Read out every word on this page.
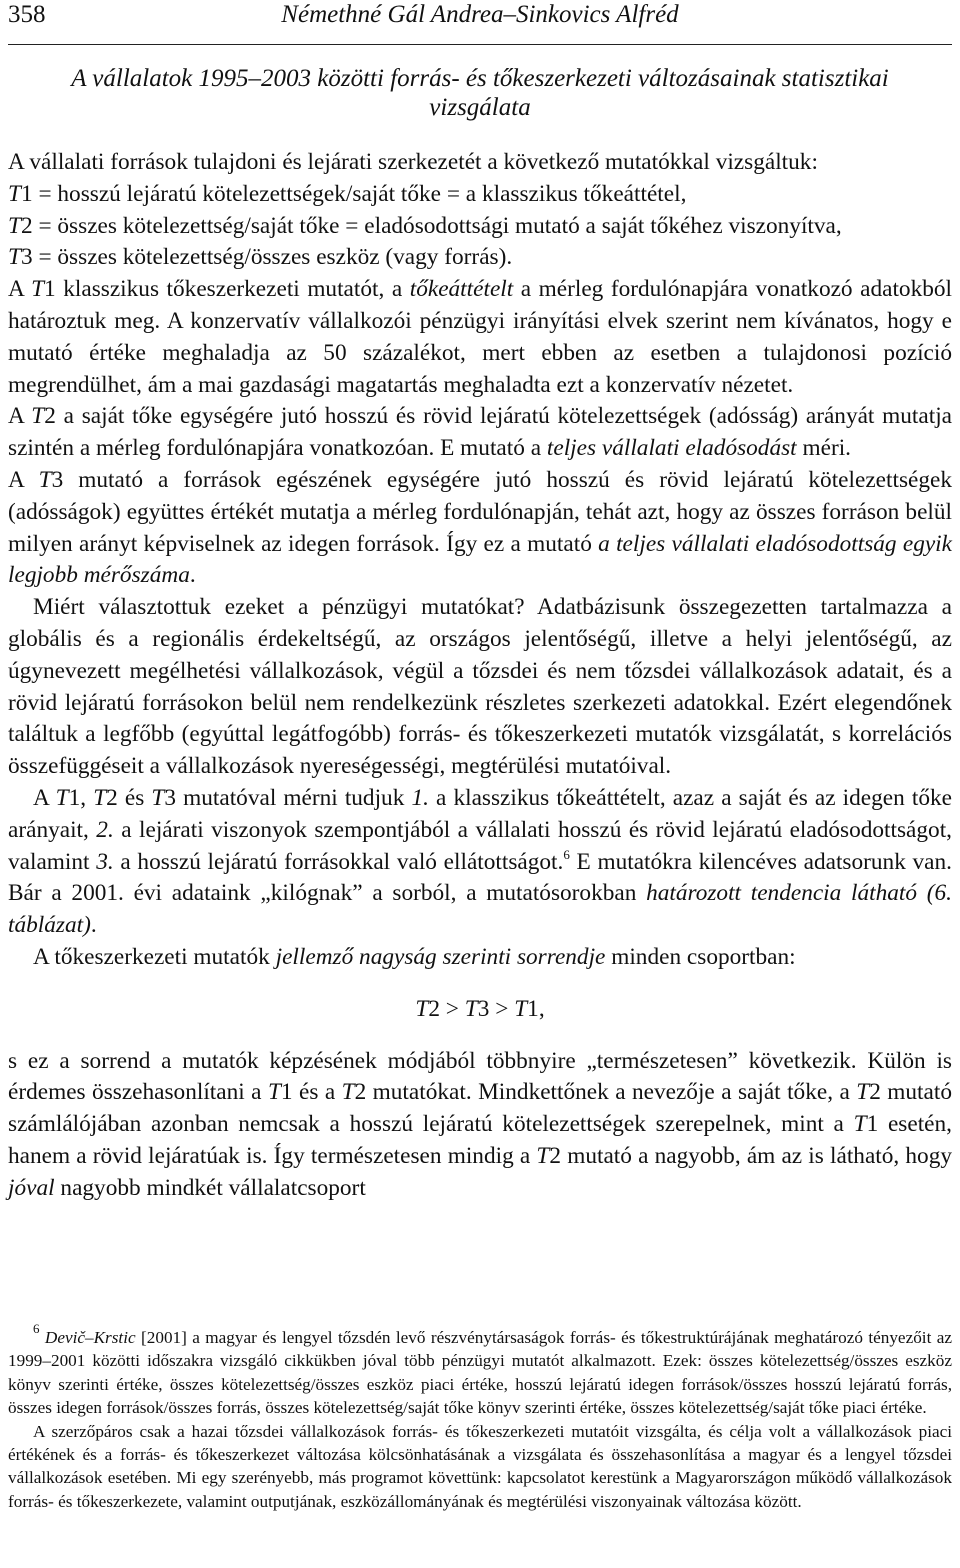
358	Némethné Gál Andrea–Sinkovics Alfréd
A vállalatok 1995–2003 közötti forrás- és tőkeszerkezeti változásainak statisztikai vizsgálata

A vállalati források tulajdoni és lejárati szerkezetét a következő mutatókkal vizsgáltuk:

T1 = hosszú lejáratú kötelezettségek/saját tőke = a klasszikus tőkeáttétel,

T2 = összes kötelezettség/saját tőke = eladósodottsági mutató a saját tőkéhez viszonyítva,

T3 = összes kötelezettség/összes eszköz (vagy forrás).

A T1 klasszikus tőkeszerkezeti mutatót, a tőkeáttételt a mérleg fordulónapjára vonatkozó adatokból határoztuk meg. A konzervatív vállalkozói pénzügyi irányítási elvek szerint nem kívánatos, hogy e mutató értéke meghaladja az 50 százalékot, mert ebben az esetben a tulajdonosi pozíció megrendülhet, ám a mai gazdasági magatartás meghaladta ezt a konzervatív nézetet.

A T2 a saját tőke egységére jutó hosszú és rövid lejáratú kötelezettségek (adósság) arányát mutatja szintén a mérleg fordulónapjára vonatkozóan. E mutató a teljes vállalati eladósodást méri.

A T3 mutató a források egészének egységére jutó hosszú és rövid lejáratú kötelezettségek (adósságok) együttes értékét mutatja a mérleg fordulónapján, tehát azt, hogy az összes forráson belül milyen arányt képviselnek az idegen források. Így ez a mutató a teljes vállalati eladósodottság egyik legjobb mérőszáma.

Miért választottuk ezeket a pénzügyi mutatókat? Adatbázisunk összegezetten tartalmazza a globális és a regionális érdekeltségű, az országos jelentőségű, illetve a helyi jelentőségű, az úgynevezett megélhetési vállalkozások, végül a tőzsdei és nem tőzsdei vállalkozások adatait, és a rövid lejáratú forrásokon belül nem rendelkezünk részletes szerkezeti adatokkal. Ezért elegendőnek találtuk a legfőbb (egyúttal legátfogóbb) forrás- és tőkeszerkezeti mutatók vizsgálatát, s korrelációs összefüggéseit a vállalkozások nyereségességi, megtérülési mutatóival.

A T1, T2 és T3 mutatóval mérni tudjuk 1. a klasszikus tőkeáttételt, azaz a saját és az idegen tőke arányait, 2. a lejárati viszonyok szempontjából a vállalati hosszú és rövid lejáratú eladósodottságot, valamint 3. a hosszú lejáratú forrásokkal való ellátottságot.$^6$ E mutatókra kilencéves adatsorunk van. Bár a 2001. évi adataink „kilógnak” a sorból, a mutatósorokban határozott tendencia látható (6. táblázat).

A tőkeszerkezeti mutatók jellemző nagyság szerinti sorrendje minden csoportban:

T2 > T3 > T1,

s ez a sorrend a mutatók képzésének módjából többnyire „természetesen” következik. Külön is érdemes összehasonlítani a T1 és a T2 mutatókat. Mindkettőnek a nevezője a saját tőke, a T2 mutató számlálójában azonban nemcsak a hosszú lejáratú kötelezettségek szerepelnek, mint a T1 esetén, hanem a rövid lejáratúak is. Így természetesen mindig a T2 mutató a nagyobb, ám az is látható, hogy jóval nagyobb mindkét vállalatcsoport

$^6$ Devič–Krstic [2001] a magyar és lengyel tőzsdén levő részvénytársaságok forrás- és tőkestruktúrájának meghatározó tényezőit az 1999–2001 közötti időszakra vizsgáló cikkükben jóval több pénzügyi mutatót alkalmazott. Ezek: összes kötelezettség/összes eszköz könyv szerinti értéke, összes kötelezettség/összes eszköz piaci értéke, hosszú lejáratú idegen források/összes hosszú lejáratú forrás, összes idegen források/összes forrás, összes kötelezettség/saját tőke könyv szerinti értéke, összes kötelezettség/saját tőke piaci értéke.

A szerzőpáros csak a hazai tőzsdei vállalkozások forrás- és tőkeszerkezeti mutatóit vizsgálta, és célja volt a vállalkozások piaci értékének és a forrás- és tőkeszerkezet változása kölcsönhatásának a vizsgálata és összehasonlítása a magyar és a lengyel tőzsdei vállalkozások esetében. Mi egy szerényebb, más programot követtünk: kapcsolatot kerestünk a Magyarországon működő vállalkozások forrás- és tőkeszerkezete, valamint outputjának, eszközállományának és megtérülési viszonyainak változása között.
